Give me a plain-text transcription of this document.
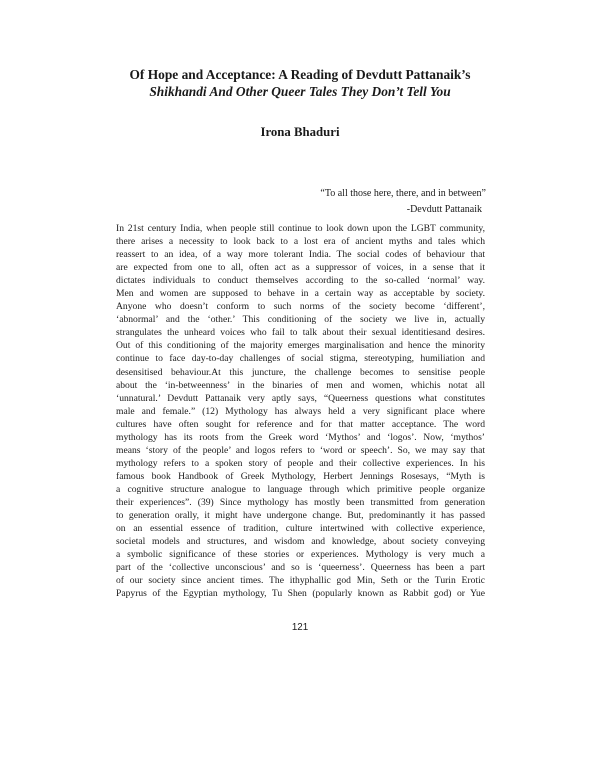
Of Hope and Acceptance: A Reading of Devdutt Pattanaik’s

Shikhandi And Other Queer Tales They Don’t Tell You

Irona Bhaduri

“To all those here, there, and in between”

-Devdutt Pattanaik

In 21st century India, when people still continue to look down upon the LGBT community,
there arises a necessity to look back to a lost era of ancient myths and tales which
reassert to an idea, of a way more tolerant India. The social codes of behaviour that
are expected from one to all, often act as a suppressor of voices, in a sense that it
dictates individuals to conduct themselves according to the so-called ‘normal’ way.
Men and women are supposed to behave in a certain way as acceptable by society.
Anyone who doesn’t conform to such norms of the society become ‘different’,
‘abnormal’ and the ‘other.’ This conditioning of the society we live in, actually
strangulates the unheard voices who fail to talk about their sexual identitiesand desires.
Out of this conditioning of the majority emerges marginalisation and hence the minority
continue to face day-to-day challenges of social stigma, stereotyping, humiliation and
desensitised behaviour.At this juncture, the challenge becomes to sensitise people
about the ‘in-betweenness’ in the binaries of men and women, whichis notat all
‘unnatural.’ Devdutt Pattanaik very aptly says, “Queerness questions what constitutes
male and female.” (12) Mythology has always held a very significant place where
cultures have often sought for reference and for that matter acceptance. The word
mythology has its roots from the Greek word ‘Mythos’ and ‘logos’. Now, ‘mythos’
means ‘story of the people’ and logos refers to ‘word or speech’. So, we may say that
mythology refers to a spoken story of people and their collective experiences. In his
famous book Handbook of Greek Mythology, Herbert Jennings Rosesays, “Myth is
a cognitive structure analogue to language through which primitive people organize
their experiences”. (39) Since mythology has mostly been transmitted from generation
to generation orally, it might have undergone change. But, predominantly it has passed
on an essential essence of tradition, culture intertwined with collective experience,
societal models and structures, and wisdom and knowledge, about society conveying
a symbolic significance of these stories or experiences. Mythology is very much a
part of the ‘collective unconscious’ and so is ‘queerness’. Queerness has been a part
of our society since ancient times. The ithyphallic god Min, Seth or the Turin Erotic
Papyrus of the Egyptian mythology, Tu Shen (popularly known as Rabbit god) or Yue

121
